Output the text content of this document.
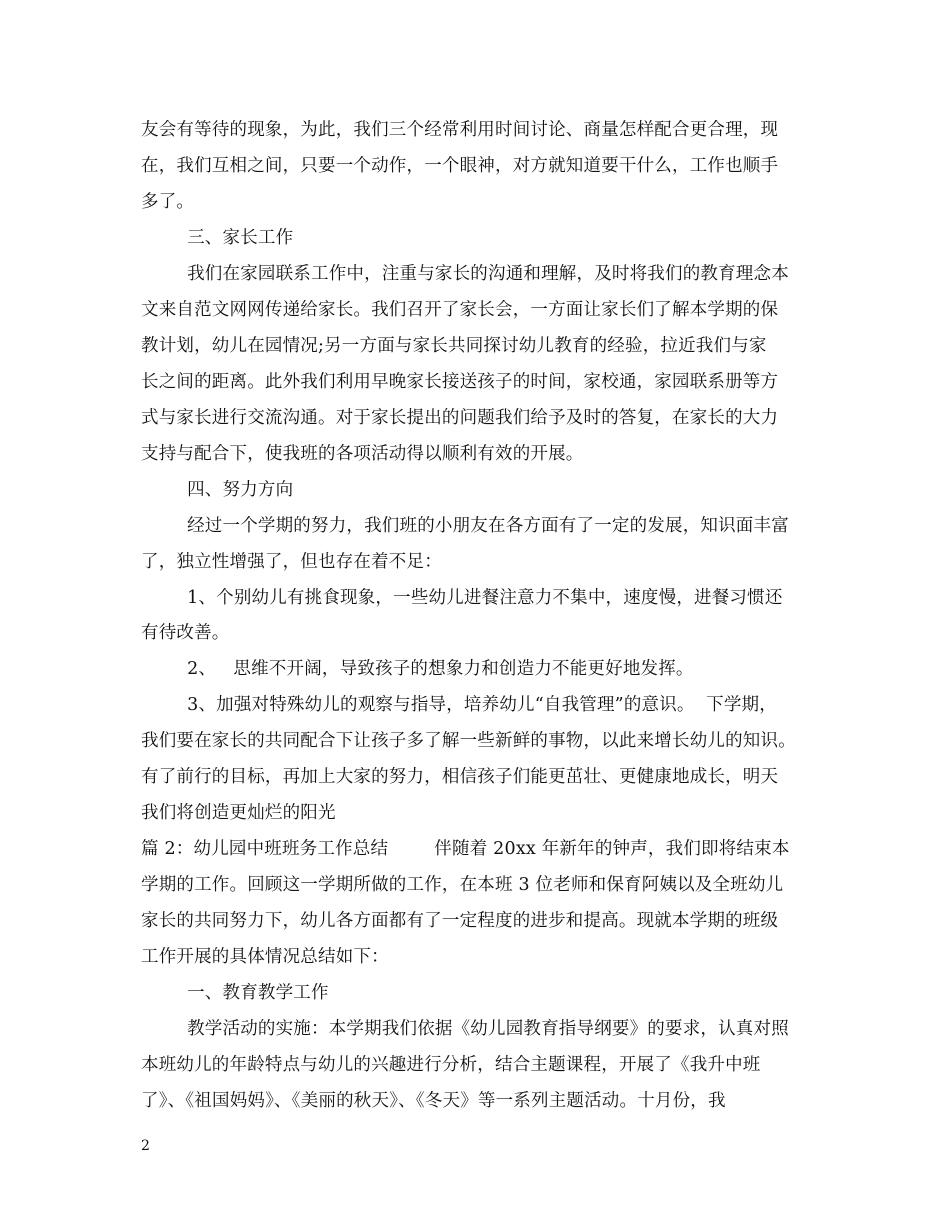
友会有等待的现象，为此，我们三个经常利用时间讨论、商量怎样配合更合理，现
在，我们互相之间，只要一个动作，一个眼神，对方就知道要干什么，工作也顺手
多了。
三、家长工作
我们在家园联系工作中，注重与家长的沟通和理解，及时将我们的教育理念本
文来自范文网网传递给家长。我们召开了家长会，一方面让家长们了解本学期的保
教计划，幼儿在园情况;另一方面与家长共同探讨幼儿教育的经验，拉近我们与家
长之间的距离。此外我们利用早晚家长接送孩子的时间，家校通，家园联系册等方
式与家长进行交流沟通。对于家长提出的问题我们给予及时的答复，在家长的大力
支持与配合下，使我班的各项活动得以顺利有效的开展。
四、努力方向
经过一个学期的努力，我们班的小朋友在各方面有了一定的发展，知识面丰富
了，独立性增强了，但也存在着不足：
1、个别幼儿有挑食现象，一些幼儿进餐注意力不集中，速度慢，进餐习惯还
有待改善。
2、   思维不开阔，导致孩子的想象力和创造力不能更好地发挥。
3、加强对特殊幼儿的观察与指导，培养幼儿“自我管理”的意识。  下学期，
我们要在家长的共同配合下让孩子多了解一些新鲜的事物，以此来增长幼儿的知识。
有了前行的目标，再加上大家的努力，相信孩子们能更茁壮、更健康地成长，明天
我们将创造更灿烂的阳光
篇 2：幼儿园中班班务工作总结        伴随着 20xx 年新年的钟声，我们即将结束本
学期的工作。回顾这一学期所做的工作，在本班 3 位老师和保育阿姨以及全班幼儿
家长的共同努力下，幼儿各方面都有了一定程度的进步和提高。现就本学期的班级
工作开展的具体情况总结如下：
一、教育教学工作
教学活动的实施：本学期我们依据《幼儿园教育指导纲要》的要求，认真对照
本班幼儿的年龄特点与幼儿的兴趣进行分析，结合主题课程，开展了《我升中班
了》、《祖国妈妈》、《美丽的秋天》、《冬天》等一系列主题活动。十月份，我
2
